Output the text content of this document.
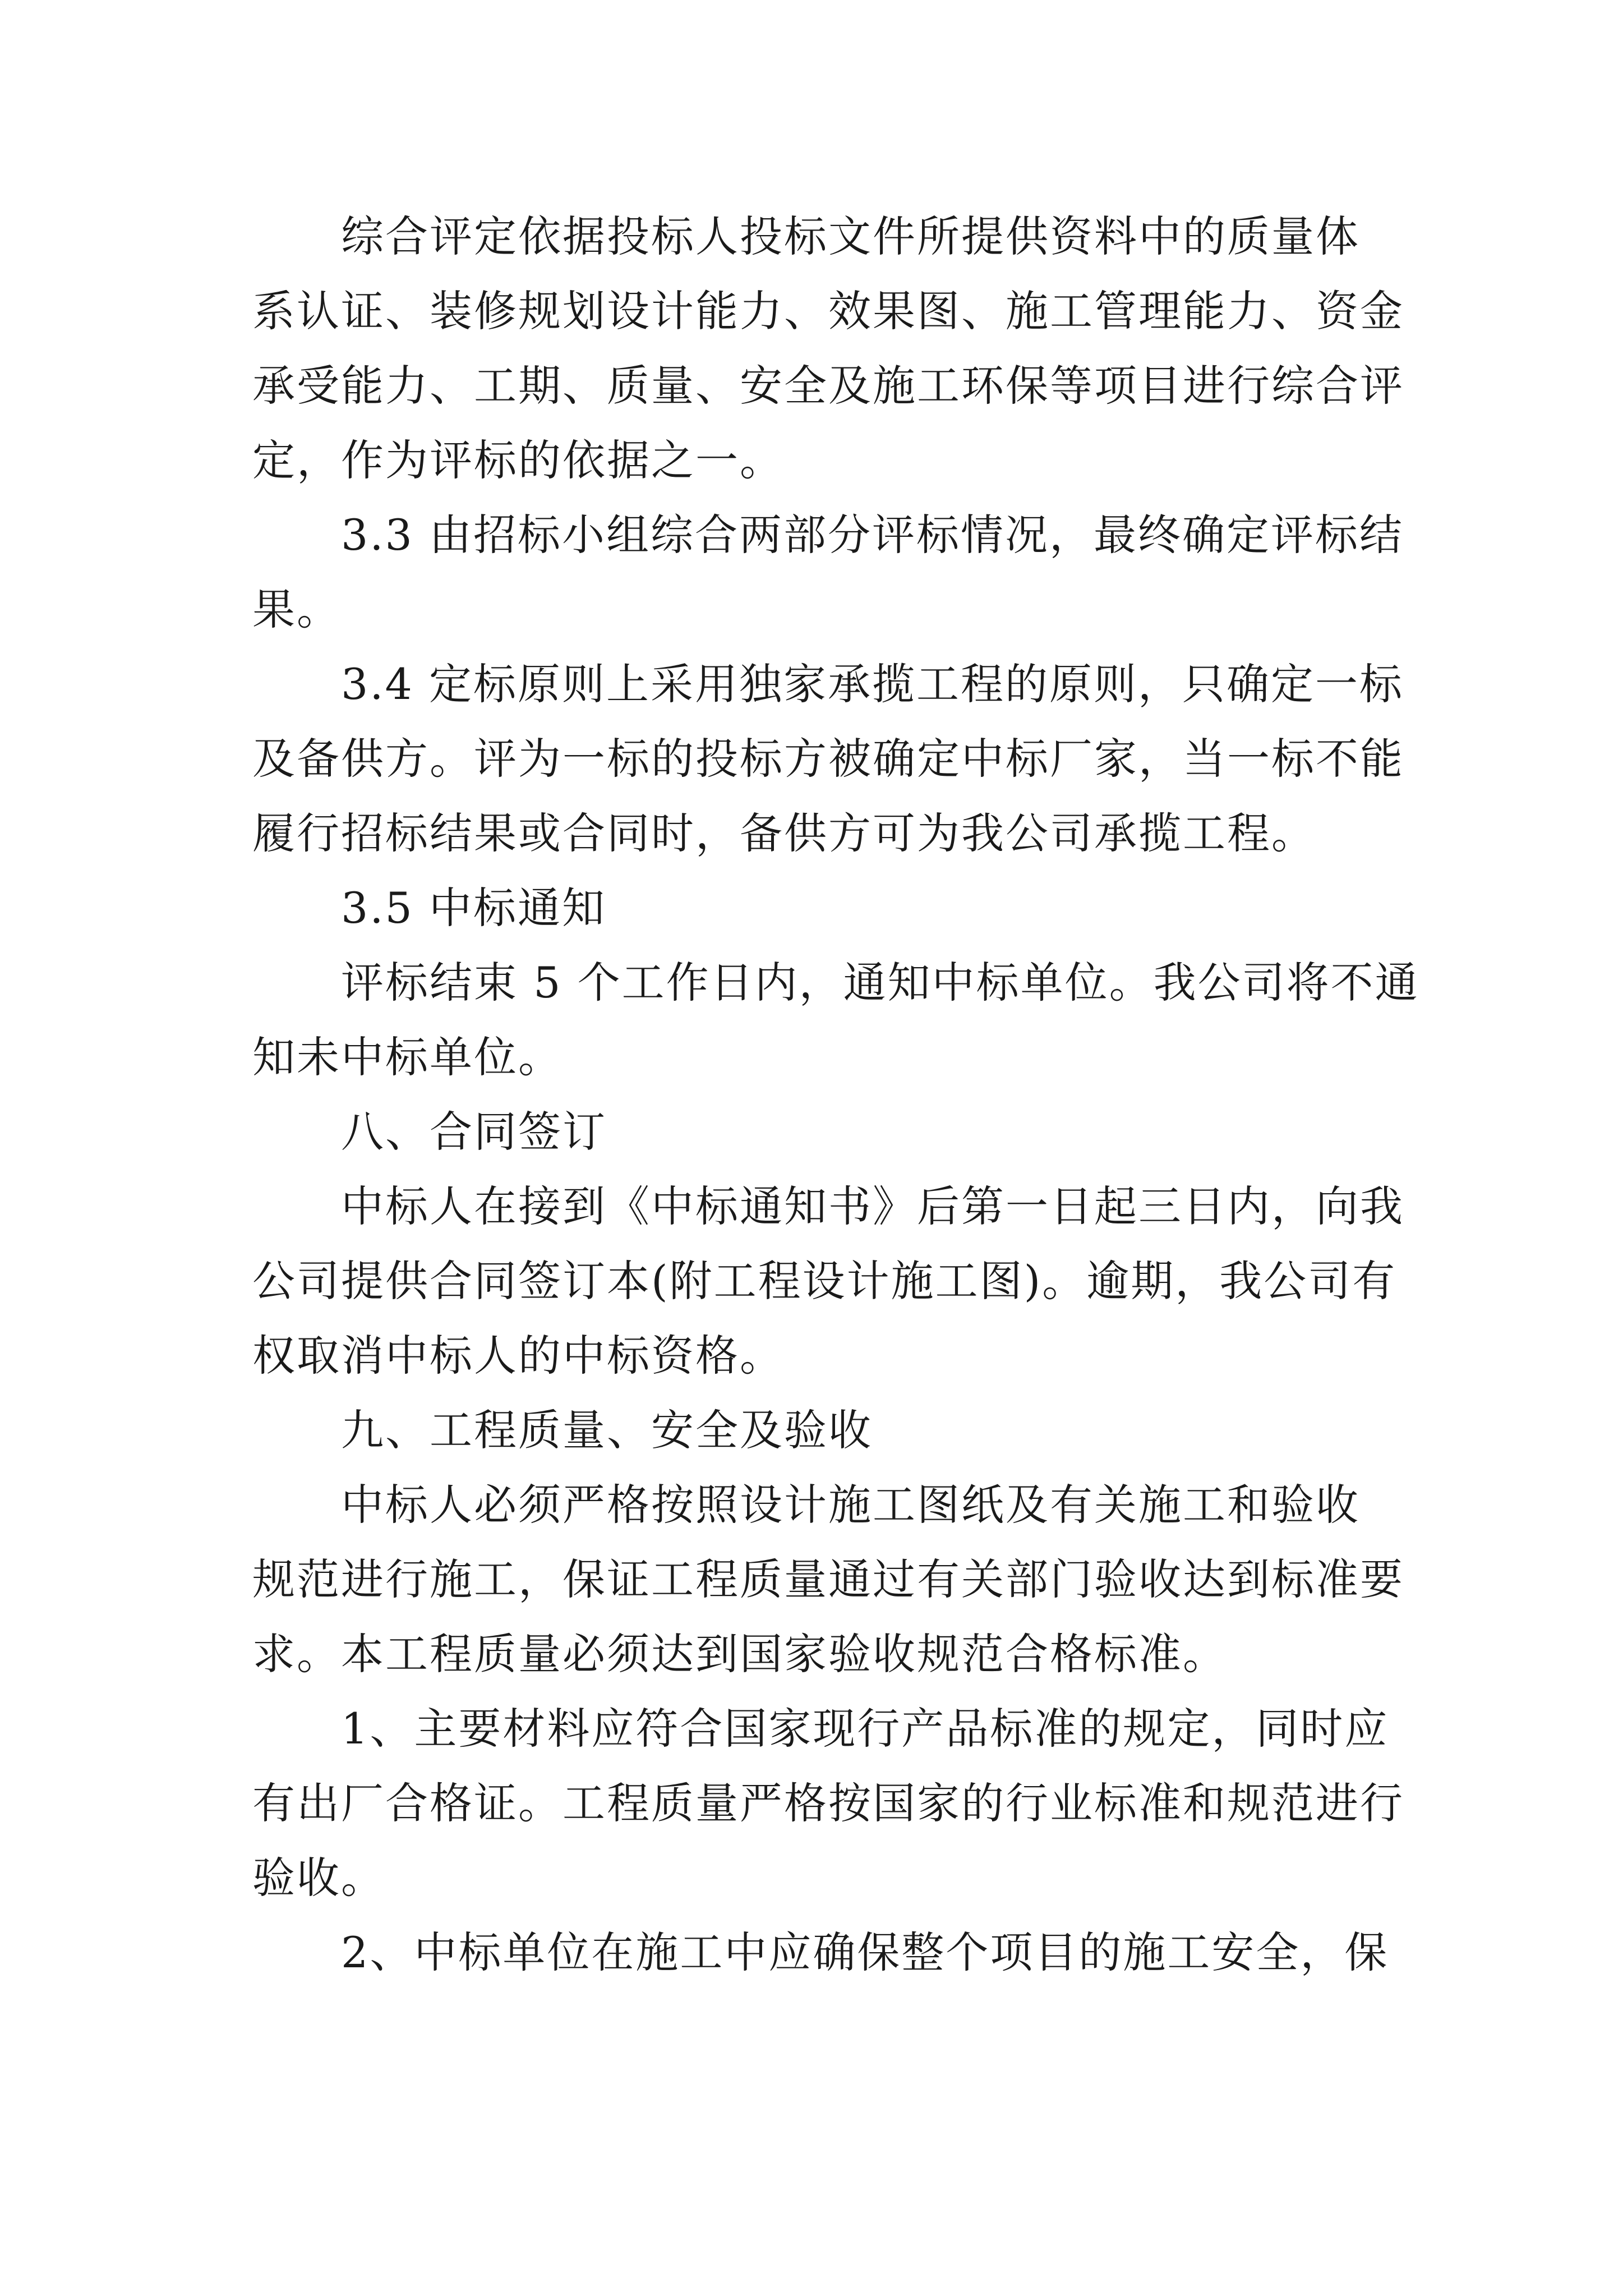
综合评定依据投标人投标文件所提供资料中的质量体
系认证、装修规划设计能力、效果图、施工管理能力、资金
承受能力、工期、质量、安全及施工环保等项目进行综合评
定，作为评标的依据之一。

3.3 由招标小组综合两部分评标情况，最终确定评标结
果。

3.4 定标原则上采用独家承揽工程的原则，只确定一标
及备供方。评为一标的投标方被确定中标厂家，当一标不能
履行招标结果或合同时，备供方可为我公司承揽工程。

3.5 中标通知

评标结束 5 个工作日内，通知中标单位。我公司将不通
知未中标单位。

八、合同签订

中标人在接到《中标通知书》后第一日起三日内，向我
公司提供合同签订本(附工程设计施工图)。逾期，我公司有
权取消中标人的中标资格。

九、工程质量、安全及验收

中标人必须严格按照设计施工图纸及有关施工和验收
规范进行施工，保证工程质量通过有关部门验收达到标准要
求。本工程质量必须达到国家验收规范合格标准。

1、主要材料应符合国家现行产品标准的规定，同时应
有出厂合格证。工程质量严格按国家的行业标准和规范进行
验收。

2、中标单位在施工中应确保整个项目的施工安全，保
